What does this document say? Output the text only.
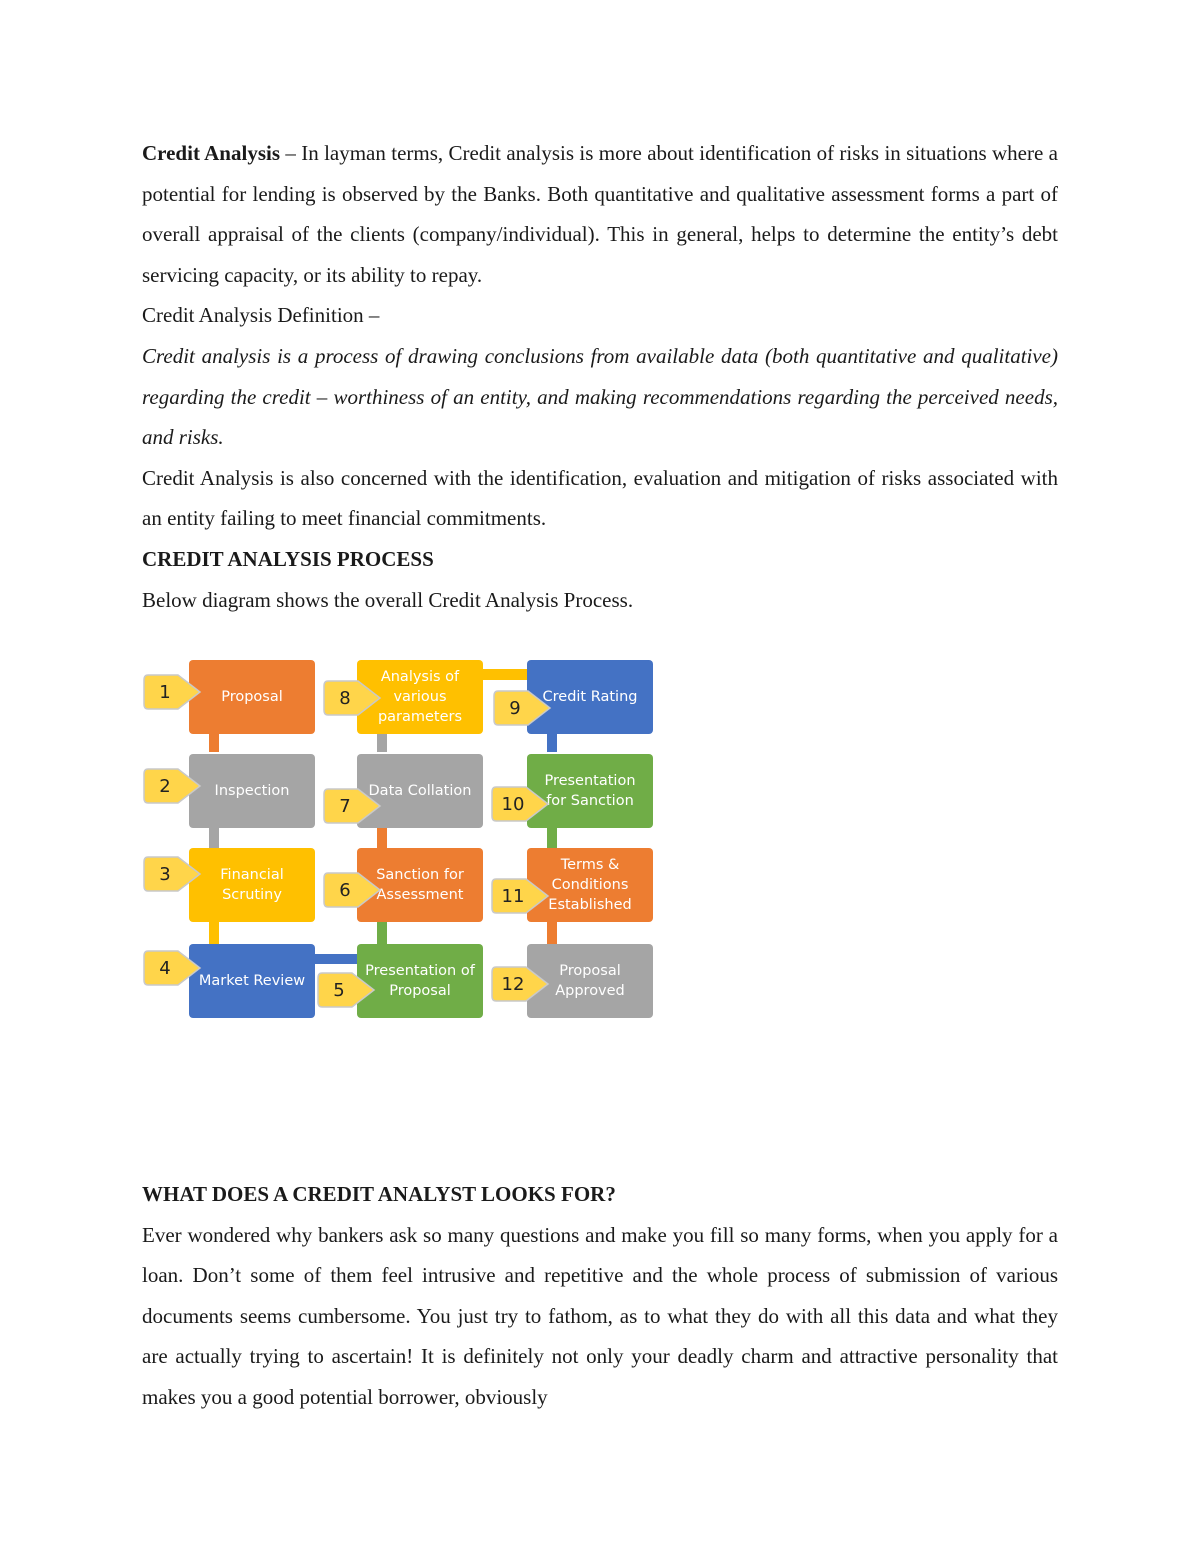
Credit Analysis – In layman terms, Credit analysis is more about identification of risks in situations where a potential for lending is observed by the Banks. Both quantitative and qualitative assessment forms a part of overall appraisal of the clients (company/individual). This in general, helps to determine the entity’s debt servicing capacity, or its ability to repay.

Credit Analysis Definition –

Credit analysis is a process of drawing conclusions from available data (both quantitative and qualitative) regarding the credit – worthiness of an entity, and making recommendations regarding the perceived needs, and risks.

Credit Analysis is also concerned with the identification, evaluation and mitigation of risks associated with an entity failing to meet financial commitments.

CREDIT ANALYSIS PROCESS

Below diagram shows the overall Credit Analysis Process.

Proposal
Inspection
Financial Scrutiny
Market Review
Presentation of Proposal
Sanction for Assessment
Data Collation
Analysis of various parameters
Credit Rating
Presentation for Sanction
Terms & Conditions Established
Proposal Approved
1
2
3
4
5
6
7
8	9
10
11
12

WHAT DOES A CREDIT ANALYST LOOKS FOR?

Ever wondered why bankers ask so many questions and make you fill so many forms, when you apply for a loan. Don’t some of them feel intrusive and repetitive and the whole process of submission of various documents seems cumbersome. You just try to fathom, as to what they do with all this data and what they are actually trying to ascertain! It is definitely not only your deadly charm and attractive personality that makes you a good potential borrower, obviously
